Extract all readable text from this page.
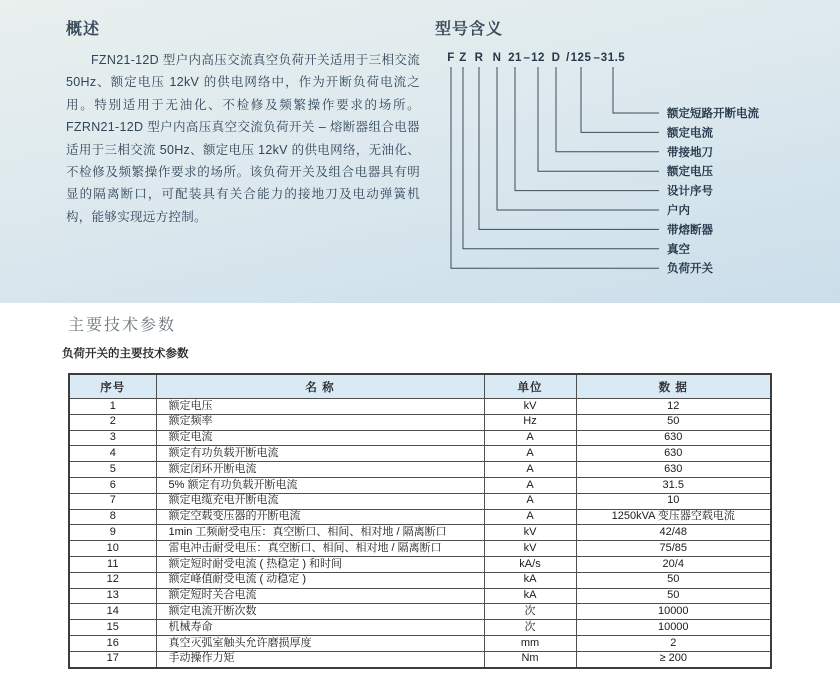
概述

FZN21-12D 型户内高压交流真空负荷开关适用于三相交流 50Hz、额定电压 12kV 的供电网络中，作为开断负荷电流之用。特别适用于无油化、不检修及频繁操作要求的场所。FZRN21-12D 型户内高压真空交流负荷开关 – 熔断器组合电器适用于三相交流 50Hz、额定电压 12kV 的供电网络，无油化、不检修及频繁操作要求的场所。该负荷开关及组合电器具有明显的隔离断口，可配装具有关合能力的接地刀及电动弹簧机构，能够实现远方控制。

型号含义
F
负荷开关
Z
真空
R
带熔断器
N
户内
21
设计序号
12
额定电压
D
带接地刀
125
额定电流
31.5
额定短路开断电流
–	/ –
主要技术参数
负荷开关的主要技术参数
序号	名 称	单位	数 据
1	额定电压	kV	12
2	额定频率	Hz	50
3	额定电流	A	630
4	额定有功负载开断电流	A	630
5	额定闭环开断电流	A	630
6	5% 额定有功负载开断电流	A	31.5
7	额定电缆充电开断电流	A	10
8	额定空载变压器的开断电流	A	1250kVA 变压器空载电流
9	1min 工频耐受电压：真空断口、相间、相对地 / 隔离断口	kV	42/48
10	雷电冲击耐受电压：真空断口、相间、相对地 / 隔离断口	kV	75/85
11	额定短时耐受电流 ( 热稳定 ) 和时间	kA/s	20/4
12	额定峰值耐受电流 ( 动稳定 )	kA	50
13	额定短时关合电流	kA	50
14	额定电流开断次数	次	10000
15	机械寿命	次	10000
16	真空灭弧室触头允许磨损厚度	mm	2
17	手动操作力矩	Nm	≥ 200
